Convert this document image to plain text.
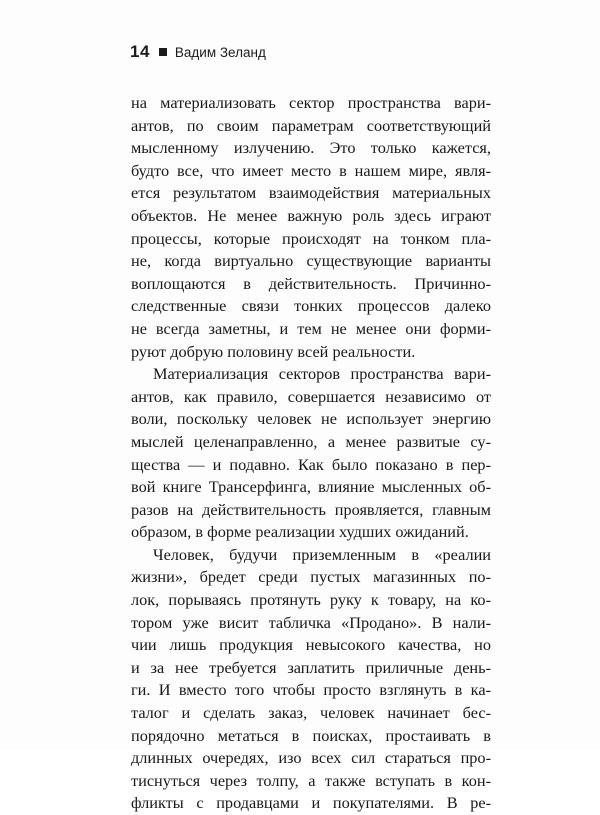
14 Вадим Зеланд
на материализовать сектор пространства вари-
антов, по своим параметрам соответствующий
мысленному излучению. Это только кажется,
будто все, что имеет место в нашем мире, явля-
ется результатом взаимодействия материальных
объектов. Не менее важную роль здесь играют
процессы, которые происходят на тонком пла-
не, когда виртуально существующие варианты
воплощаются в действительность. Причинно-
следственные связи тонких процессов далеко
не всегда заметны, и тем не менее они форми-
руют добрую половину всей реальности.
Материализация секторов пространства вари-
антов, как правило, совершается независимо от
воли, поскольку человек не использует энергию
мыслей целенаправленно, а менее развитые су-
щества — и подавно. Как было показано в пер-
вой книге Трансерфинга, влияние мысленных об-
разов на действительность проявляется, главным
образом, в форме реализации худших ожиданий.
Человек, будучи приземленным в «реалии
жизни», бредет среди пустых магазинных по-
лок, порываясь протянуть руку к товару, на ко-
тором уже висит табличка «Продано». В нали-
чии лишь продукция невысокого качества, но
и за нее требуется заплатить приличные день-
ги. И вместо того чтобы просто взглянуть в ка-
талог и сделать заказ, человек начинает бес-
порядочно метаться в поисках, простаивать в
длинных очередях, изо всех сил стараться про-
тиснуться через толпу, а также вступать в кон-
фликты с продавцами и покупателями. В ре-
